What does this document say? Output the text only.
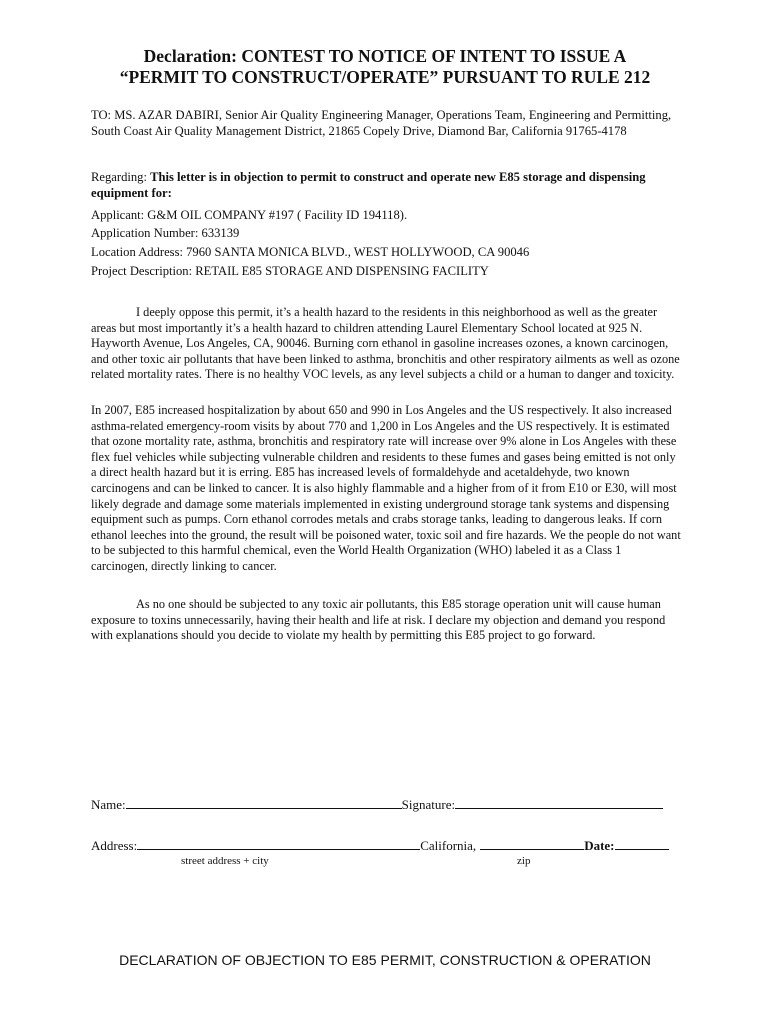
Declaration: CONTEST TO NOTICE OF INTENT TO ISSUE A
“PERMIT TO CONSTRUCT/OPERATE” PURSUANT TO RULE 212
TO: MS. AZAR DABIRI, Senior Air Quality Engineering Manager, Operations Team, Engineering and Permitting, South Coast Air Quality Management District, 21865 Copely Drive, Diamond Bar, California 91765-4178
Regarding: This letter is in objection to permit to construct and operate new E85 storage and dispensing equipment for:
Applicant: G&M OIL COMPANY #197 ( Facility ID 194118).
Application Number: 633139
Location Address: 7960 SANTA MONICA BLVD., WEST HOLLYWOOD, CA 90046
Project Description: RETAIL E85 STORAGE AND DISPENSING FACILITY
I deeply oppose this permit, it’s a health hazard to the residents in this neighborhood as well as the greater areas but most importantly it’s a health hazard to children attending Laurel Elementary School located at 925 N. Hayworth Avenue, Los Angeles, CA, 90046. Burning corn ethanol in gasoline increases ozones, a known carcinogen, and other toxic air pollutants that have been linked to asthma, bronchitis and other respiratory ailments as well as ozone related mortality rates. There is no healthy VOC levels, as any level subjects a child or a human to danger and toxicity.
In 2007, E85 increased hospitalization by about 650 and 990 in Los Angeles and the US respectively. It also increased asthma-related emergency-room visits by about 770 and 1,200 in Los Angeles and the US respectively. It is estimated that ozone mortality rate, asthma, bronchitis and respiratory rate will increase over 9% alone in Los Angeles with these flex fuel vehicles while subjecting vulnerable children and residents to these fumes and gases being emitted is not only a direct health hazard but it is erring. E85 has increased levels of formaldehyde and acetaldehyde, two known carcinogens and can be linked to cancer. It is also highly flammable and a higher from of it from E10 or E30, will most likely degrade and damage some materials implemented in existing underground storage tank systems and dispensing equipment such as pumps. Corn ethanol corrodes metals and crabs storage tanks, leading to dangerous leaks. If corn ethanol leeches into the ground, the result will be poisoned water, toxic soil and fire hazards. We the people do not want to be subjected to this harmful chemical, even the World Health Organization (WHO) labeled it as a Class 1 carcinogen, directly linking to cancer.
As no one should be subjected to any toxic air pollutants, this E85 storage operation unit will cause human exposure to toxins unnecessarily, having their health and life at risk. I declare my objection and demand you respond with explanations should you decide to violate my health by permitting this E85 project to go forward.
Name:	Signature:
Address:	California,	Date:
street address + city	zip
DECLARATION OF OBJECTION TO E85 PERMIT, CONSTRUCTION & OPERATION
